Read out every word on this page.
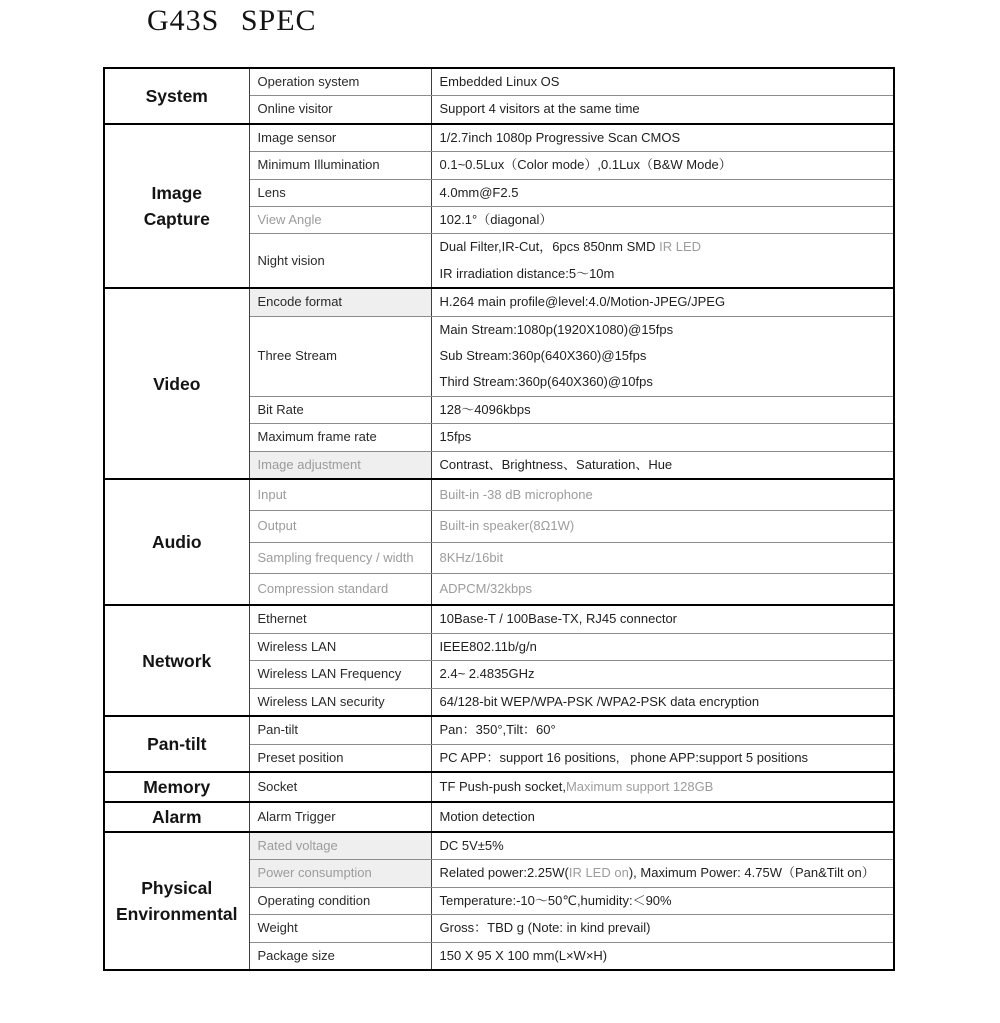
G43S SPEC
System	Operation system	Embedded Linux OS

	Online visitor	Support 4 visitors at the same time

Image
Capture	Image sensor	1/2.7inch 1080p Progressive Scan CMOS

	Minimum Illumination	0.1~0.5Lux（Color mode）,0.1Lux（B&W Mode）

	Lens	4.0mm@F2.5

	View Angle	102.1°（diagonal）

	Night vision	Dual Filter,IR-Cut，6pcs 850nm SMD IR LED
IR irradiation distance:5～10m

Video	Encode format	H.264 main profile@level:4.0/Motion-JPEG/JPEG

	Three Stream	Main Stream:1080p(1920X1080)@15fps
Sub Stream:360p(640X360)@15fps
Third Stream:360p(640X360)@10fps

	Bit Rate	128～4096kbps

	Maximum frame rate	15fps

	Image adjustment	Contrast、Brightness、Saturation、Hue

Audio	Input	Built-in -38 dB microphone

	Output	Built-in speaker(8Ω1W)

	Sampling frequency / width	8KHz/16bit

	Compression standard	ADPCM/32kbps

Network	Ethernet	10Base-T / 100Base-TX, RJ45 connector

	Wireless LAN	IEEE802.11b/g/n

	Wireless LAN Frequency	2.4~ 2.4835GHz

	Wireless LAN security	64/128-bit WEP/WPA-PSK /WPA2-PSK data encryption

Pan-tilt	Pan-tilt	Pan：350°,Tilt：60°

	Preset position	PC APP：support 16 positions,   phone APP:support 5 positions

Memory	Socket	TF Push-push socket,Maximum support 128GB

Alarm	Alarm Trigger	Motion detection

Physical
Environmental	Rated voltage	DC 5V±5%

	Power consumption	Related power:2.25W(IR LED on), Maximum Power: 4.75W（Pan&Tilt on）

	Operating condition	Temperature:-10～50℃,humidity:＜90%

	Weight	Gross：TBD g (Note: in kind prevail)

	Package size	150 X 95 X 100 mm(L×W×H)
